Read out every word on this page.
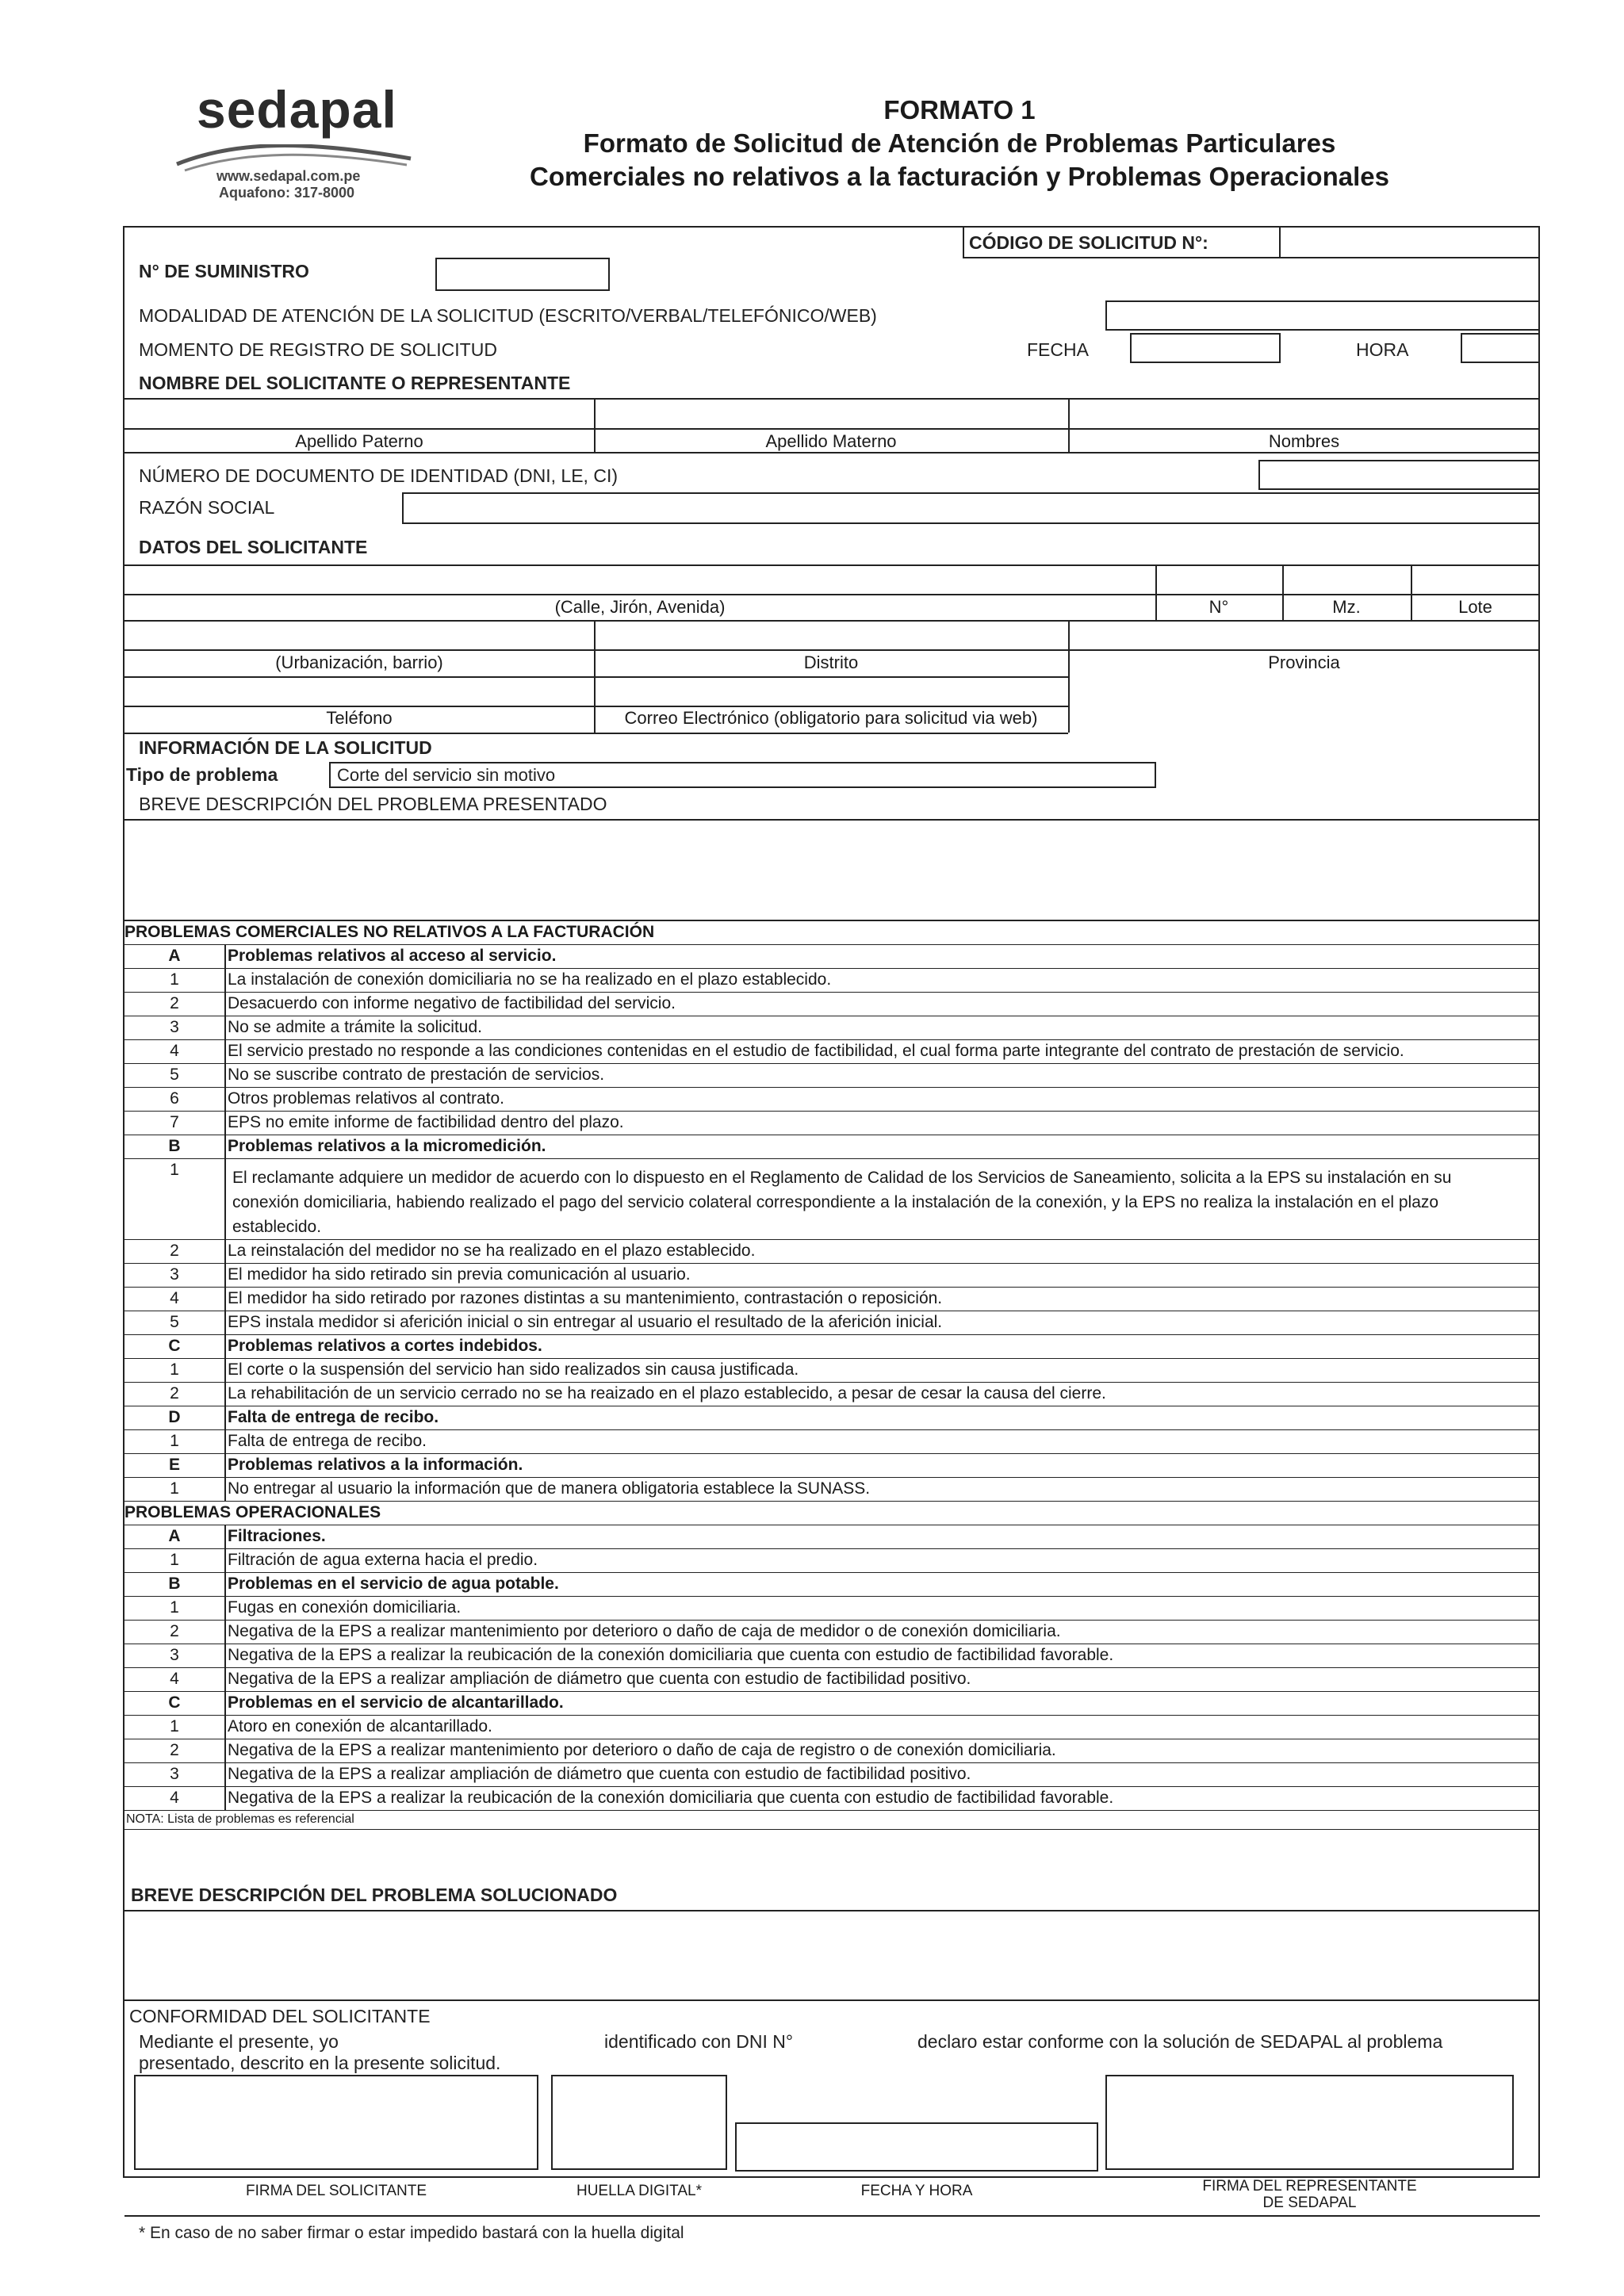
sedapal
www.sedapal.com.pe
Aquafono: 317-8000
FORMATO 1
Formato de Solicitud de Atención de Problemas Particulares
Comerciales no relativos a la facturación y Problemas Operacionales
CÓDIGO DE SOLICITUD N°:
N° DE SUMINISTRO
MODALIDAD DE ATENCIÓN DE LA SOLICITUD (ESCRITO/VERBAL/TELEFÓNICO/WEB)
MOMENTO DE REGISTRO DE SOLICITUD	FECHA	HORA
NOMBRE DEL SOLICITANTE O REPRESENTANTE
Apellido Paterno	Apellido Materno	Nombres
NÚMERO DE DOCUMENTO DE IDENTIDAD (DNI, LE, CI)
RAZÓN SOCIAL
DATOS DEL SOLICITANTE
(Calle, Jirón, Avenida)	N°	Mz.	Lote
(Urbanización, barrio)	Distrito	Provincia
Teléfono	Correo Electrónico (obligatorio para solicitud via web)
INFORMACIÓN DE LA SOLICITUD
Tipo de problema	Corte del servicio sin motivo
BREVE DESCRIPCIÓN DEL PROBLEMA PRESENTADO
PROBLEMAS COMERCIALES NO RELATIVOS A LA FACTURACIÓN
A	Problemas relativos al acceso al servicio.
1	La instalación de conexión domiciliaria no se ha realizado en el plazo establecido.
2	Desacuerdo con informe negativo de factibilidad del servicio.
3	No se admite a trámite la solicitud.
4	El servicio prestado no responde a las condiciones contenidas en el estudio de factibilidad, el cual forma parte integrante del contrato de prestación de servicio.
5	No se suscribe contrato de prestación de servicios.
6	Otros problemas relativos al contrato.
7	EPS no emite informe de factibilidad dentro del plazo.
B	Problemas relativos a la micromedición.
1	El reclamante adquiere un medidor de acuerdo con lo dispuesto en el Reglamento de Calidad de los Servicios de Saneamiento, solicita a la EPS su instalación en su conexión domiciliaria, habiendo realizado el pago del servicio colateral correspondiente a la instalación de la conexión, y la EPS no realiza la instalación en el plazo establecido.
2	La reinstalación del medidor no se ha realizado en el plazo establecido.
3	El medidor ha sido retirado sin previa comunicación al usuario.
4	El medidor ha sido retirado por razones distintas a su mantenimiento, contrastación o reposición.
5	EPS instala medidor si aferición inicial o sin entregar al usuario el resultado de la aferición inicial.
C	Problemas relativos a cortes indebidos.
1	El corte o la suspensión del servicio han sido realizados sin causa justificada.
2	La rehabilitación de un servicio cerrado no se ha reaizado en el plazo establecido, a pesar de cesar la causa del cierre.
D	Falta de entrega de recibo.
1	Falta de entrega de recibo.
E	Problemas relativos a la información.
1	No entregar al usuario la información que de manera obligatoria establece la SUNASS.
PROBLEMAS OPERACIONALES
A	Filtraciones.
1	Filtración de agua externa hacia el predio.
B	Problemas en el servicio de agua potable.
1	Fugas en conexión domiciliaria.
2	Negativa de la EPS a realizar mantenimiento por deterioro o daño de caja de medidor o de conexión domiciliaria.
3	Negativa de la EPS a realizar la reubicación de la conexión domiciliaria que cuenta con estudio de factibilidad favorable.
4	Negativa de la EPS a realizar ampliación de diámetro que cuenta con estudio de factibilidad positivo.
C	Problemas en el servicio de alcantarillado.
1	Atoro en conexión de alcantarillado.
2	Negativa de la EPS a realizar mantenimiento por deterioro o daño de caja de registro o de conexión domiciliaria.
3	Negativa de la EPS a realizar ampliación de diámetro que cuenta con estudio de factibilidad positivo.
4	Negativa de la EPS a realizar la reubicación de la conexión domiciliaria que cuenta con estudio de factibilidad favorable.
NOTA: Lista de problemas es referencial
BREVE DESCRIPCIÓN DEL PROBLEMA SOLUCIONADO
CONFORMIDAD DEL SOLICITANTE
Mediante el presente, yo	identificado con DNI N°	declaro estar conforme con la solución de SEDAPAL al problema
presentado, descrito en la presente solicitud.
FIRMA DEL SOLICITANTE	HUELLA DIGITAL*	FECHA Y HORA	FIRMA DEL REPRESENTANTE
DE SEDAPAL
* En caso de no saber firmar o estar impedido bastará con la huella digital
